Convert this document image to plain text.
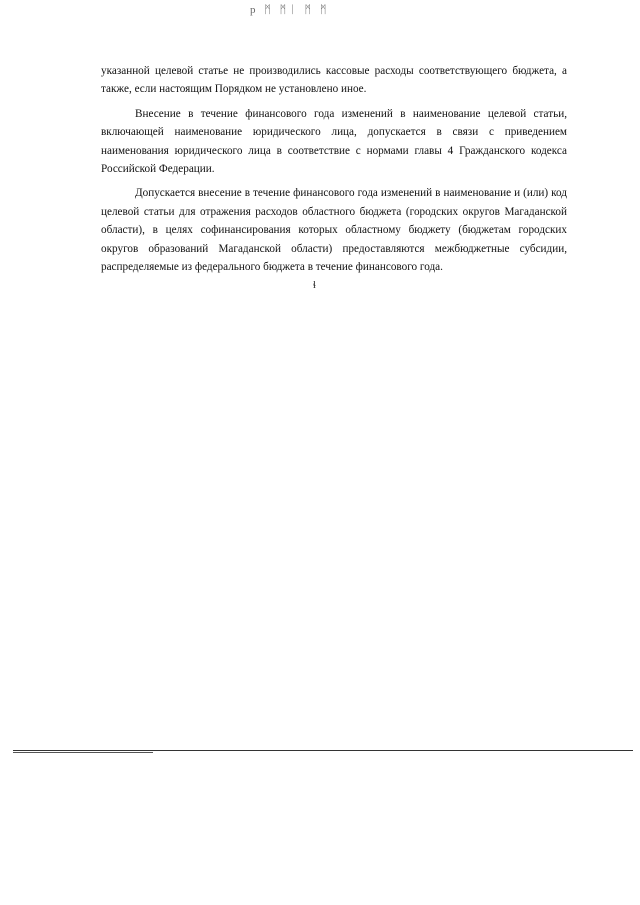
р ᛗ ᛗᛁ ᛗ ᛗ

указанной целевой статье не производились кассовые расходы соответствующего бюджета, а также, если настоящим Порядком не установлено иное.

Внесение в течение финансового года изменений в наименование целевой статьи, включающей наименование юридического лица, допускается в связи с приведением наименования юридического лица в соответствие с нормами главы 4 Гражданского кодекса Российской Федерации.

Допускается внесение в течение финансового года изменений в наименование и (или) код целевой статьи для отражения расходов областного бюджета (городских округов Магаданской области), в целях софинансирования которых областному бюджету (бюджетам городских округов образований Магаданской области) предоставляются межбюджетные субсидии, распределяемые из федерального бюджета в течение финансового года.

ɬ
